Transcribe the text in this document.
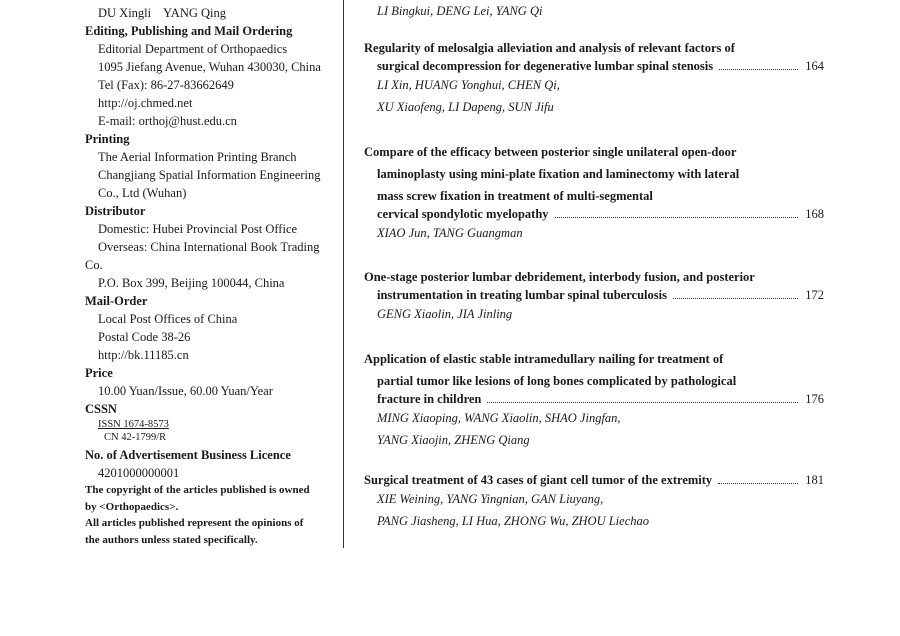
DU Xingli    YANG Qing
Editing, Publishing and Mail Ordering
Editorial Department of Orthopaedics
1095 Jiefang Avenue, Wuhan 430030, China
Tel (Fax): 86-27-83662649
http://oj.chmed.net
E-mail: orthoj@hust.edu.cn
Printing
The Aerial Information Printing Branch
Changjiang Spatial Information Engineering
Co., Ltd (Wuhan)
Distributor
Domestic: Hubei Provincial Post Office
Overseas: China International Book Trading
Co.
P.O. Box 399, Beijing 100044, China
Mail-Order
Local Post Offices of China
Postal Code 38-26
http://bk.11185.cn
Price
10.00 Yuan/Issue, 60.00 Yuan/Year
CSSN
ISSN 1674-8573
CN 42-1799/R
No. of Advertisement Business Licence
4201000000001
The copyright of the articles published is owned
by <Orthopaedics>.
All articles published represent the opinions of
the authors unless stated specifically.
LI Bingkui, DENG Lei, YANG Qi
Regularity of melosalgia alleviation and analysis of relevant factors of
surgical decompression for degenerative lumbar spinal stenosis	164
LI Xin, HUANG Yonghui, CHEN Qi,
XU Xiaofeng, LI Dapeng, SUN Jifu
Compare of the efficacy between posterior single unilateral open-door
laminoplasty using mini-plate fixation and laminectomy with lateral
mass screw fixation in treatment of multi-segmental
cervical spondylotic myelopathy	168
XIAO Jun, TANG Guangman
One-stage posterior lumbar debridement, interbody fusion, and posterior
instrumentation in treating lumbar spinal tuberculosis	172
GENG Xiaolin, JIA Jinling
Application of elastic stable intramedullary nailing for treatment of
partial tumor like lesions of long bones complicated by pathological
fracture in children	176
MING Xiaoping, WANG Xiaolin, SHAO Jingfan,
YANG Xiaojin, ZHENG Qiang
Surgical treatment of 43 cases of giant cell tumor of the extremity	181
XIE Weining, YANG Yingnian, GAN Liuyang,
PANG Jiasheng, LI Hua, ZHONG Wu, ZHOU Liechao
